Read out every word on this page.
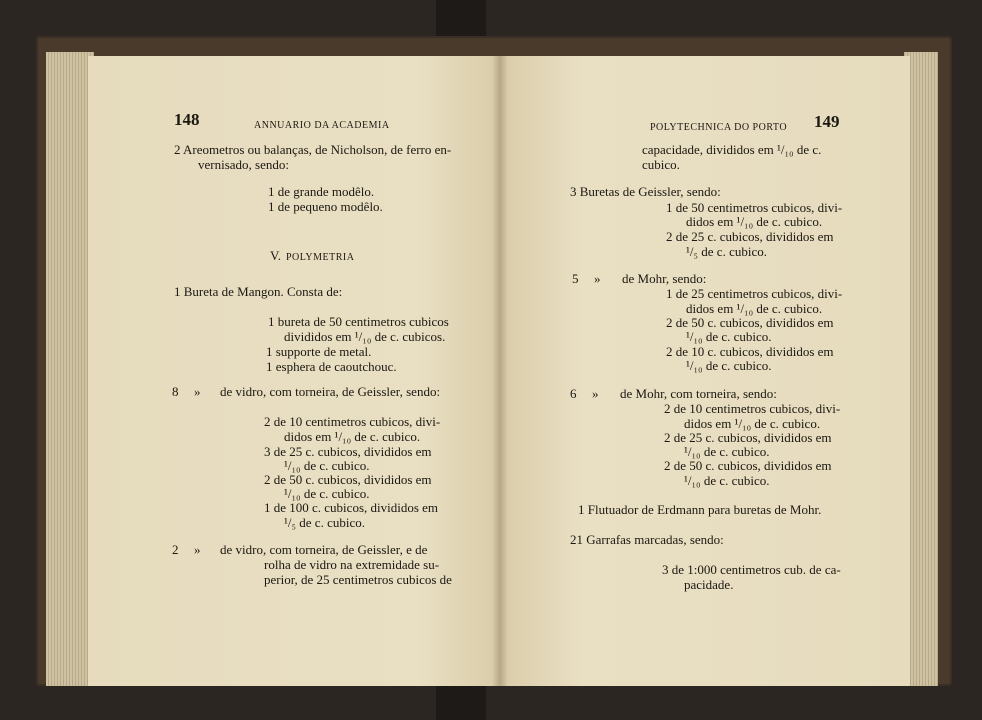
148	ANNUARIO DA ACADEMIA
2 Areometros ou balanças, de Nicholson, de ferro en-
vernisado, sendo:
1 de grande modêlo.
1 de pequeno modêlo.
V. POLYMETRIA
1 Bureta de Mangon. Consta de:
1 bureta de 50 centimetros cubicos
divididos em ¹/₁₀ de c. cubicos.
1 supporte de metal.
1 esphera de caoutchouc.
8 » de vidro, com torneira, de Geissler, sendo:
2 de 10 centimetros cubicos, divi-
didos em ¹/₁₀ de c. cubico.
3 de 25 c. cubicos, divididos em
¹/₁₀ de c. cubico.
2 de 50 c. cubicos, divididos em
¹/₁₀ de c. cubico.
1 de 100 c. cubicos, divididos em
¹/₅ de c. cubico.
2 » de vidro, com torneira, de Geissler, e de
rolha de vidro na extremidade su-
perior, de 25 centimetros cubicos de
POLYTECHNICA DO PORTO 149
capacidade, divididos em ¹/₁₀ de c.
cubico.
3 Buretas de Geissler, sendo:
1 de 50 centimetros cubicos, divi-
didos em ¹/₁₀ de c. cubico.
2 de 25 c. cubicos, divididos em
¹/₅ de c. cubico.
5 » de Mohr, sendo:
1 de 25 centimetros cubicos, divi-
didos em ¹/₁₀ de c. cubico.
2 de 50 c. cubicos, divididos em
¹/₁₀ de c. cubico.
2 de 10 c. cubicos, divididos em
¹/₁₀ de c. cubico.
6 » de Mohr, com torneira, sendo:
2 de 10 centimetros cubicos, divi-
didos em ¹/₁₀ de c. cubico.
2 de 25 c. cubicos, divididos em
¹/₁₀ de c. cubico.
2 de 50 c. cubicos, divididos em
¹/₁₀ de c. cubico.
1 Flutuador de Erdmann para buretas de Mohr.
21 Garrafas marcadas, sendo:
3 de 1:000 centimetros cub. de ca-
pacidade.
